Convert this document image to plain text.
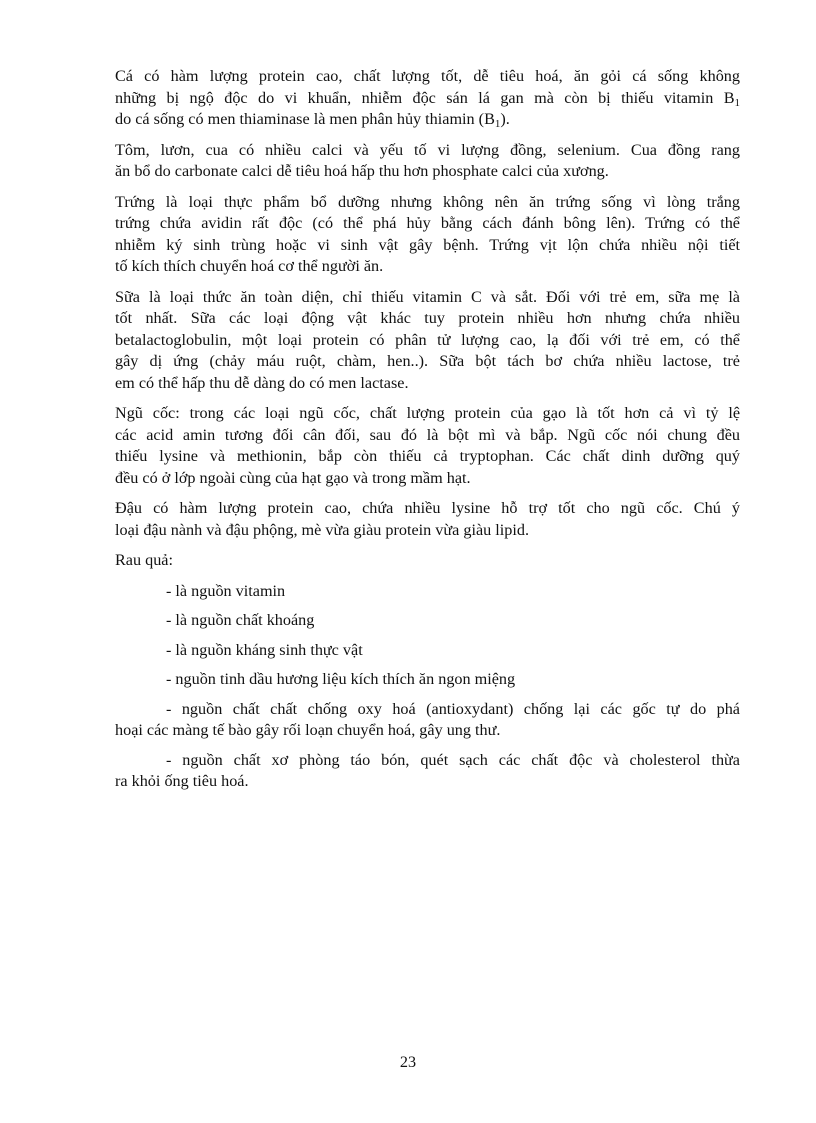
Cá có hàm lượng protein cao, chất lượng tốt, dễ tiêu hoá, ăn gỏi cá sống không
những bị ngộ độc do vi khuẩn, nhiễm độc sán lá gan mà còn bị thiếu vitamin $B_1$
do cá sống có men thiaminase là men phân hủy thiamin $(B_1)$.
Tôm, lươn, cua có nhiều calci và yếu tố vi lượng đồng, selenium. Cua đồng rang
ăn bổ do carbonate calci dễ tiêu hoá hấp thu hơn phosphate calci của xương.
Trứng là loại thực phẩm bổ dưỡng nhưng không nên ăn trứng sống vì lòng trắng
trứng chứa avidin rất độc (có thể phá hủy bằng cách đánh bông lên). Trứng có thể
nhiễm ký sinh trùng hoặc vi sinh vật gây bệnh. Trứng vịt lộn chứa nhiều nội tiết
tố kích thích chuyển hoá cơ thể người ăn.
Sữa là loại thức ăn toàn diện, chỉ thiếu vitamin C và sắt. Đối với trẻ em, sữa mẹ là
tốt nhất. Sữa các loại động vật khác tuy protein nhiều hơn nhưng chứa nhiều
betalactoglobulin, một loại protein có phân tử lượng cao, lạ đối với trẻ em, có thể
gây dị ứng (chảy máu ruột, chàm, hen..). Sữa bột tách bơ chứa nhiều lactose, trẻ
em có thể hấp thu dễ dàng do có men lactase.
Ngũ cốc: trong các loại ngũ cốc, chất lượng protein của gạo là tốt hơn cả vì tỷ lệ
các acid amin tương đối cân đối, sau đó là bột mì và bắp. Ngũ cốc nói chung đều
thiếu lysine và methionin, bắp còn thiếu cả tryptophan. Các chất dinh dưỡng quý
đều có ở lớp ngoài cùng của hạt gạo và trong mầm hạt.
Đậu có hàm lượng protein cao, chứa nhiều lysine hỗ trợ tốt cho ngũ cốc. Chú ý
loại đậu nành và đậu phộng, mè vừa giàu protein vừa giàu lipid.
Rau quả:
- là nguồn vitamin
- là nguồn chất khoáng
- là nguồn kháng sinh thực vật
- nguồn tinh dầu hương liệu kích thích ăn ngon miệng
- nguồn chất chất chống oxy hoá (antioxydant) chống lại các gốc tự do phá
hoại các màng tế bào gây rối loạn chuyển hoá, gây ung thư.
- nguồn chất xơ phòng táo bón, quét sạch các chất độc và cholesterol thừa
ra khỏi ống tiêu hoá.
23
